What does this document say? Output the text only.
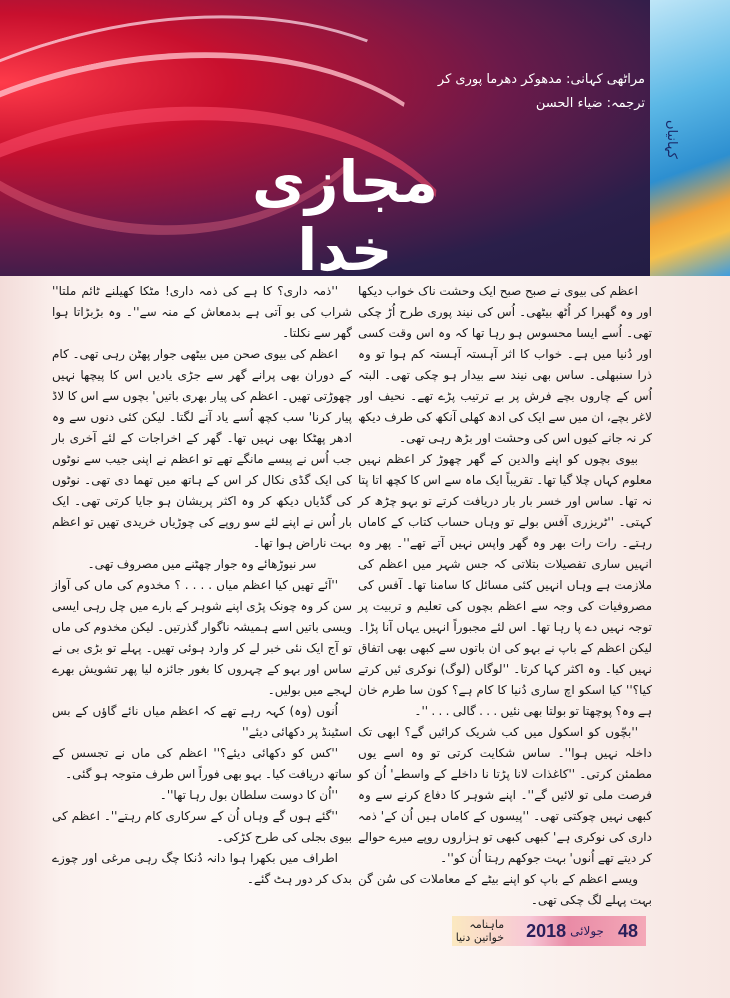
کہانیاں
مراٹھی کہانی: مدھوکر دھرما پوری کر
ترجمہ: ضیاء الحسن
مجازی خدا

اعظم کی بیوی نے صبح صبح ایک وحشت ناک خواب دیکھا اور وہ گھبرا کر اُٹھ بیٹھی۔ اُس کی نیند پوری طرح اُڑ چکی تھی۔ اُسے ایسا محسوس ہو رہا تھا کہ وہ اس وقت کسی اور دُنیا میں ہے۔ خواب کا اثر آہستہ آہستہ کم ہوا تو وہ ذرا سنبھلی۔ ساس بھی نیند سے بیدار ہو چکی تھی۔ البتہ اُس کے چاروں بچے فرش پر بے ترتیب پڑے تھے۔ نحیف اور لاغر بچے، ان میں سے ایک کی ادھ کھلی آنکھ کی طرف دیکھ کر نہ جانے کیوں اس کی وحشت اور بڑھ رہی تھی۔

بیوی بچوں کو اپنے والدین کے گھر چھوڑ کر اعظم نہیں معلوم کہاں چلا گیا تھا۔ تقریباً ایک ماہ سے اس کا کچھ اتا پتا نہ تھا۔ ساس اور خسر بار بار دریافت کرتے تو بہو چڑھ کر کہتی۔ ''ٹریزری آفس بولے تو وہاں حساب کتاب کے کاماں رہتے۔ رات رات بھر وہ گھر واپس نہیں آتے تھے''۔ پھر وہ انہیں ساری تفصیلات بتلاتی کہ جس شہر میں اعظم کی ملازمت ہے وہاں انہیں کئی مسائل کا سامنا تھا۔ آفس کی مصروفیات کی وجہ سے اعظم بچوں کی تعلیم و تربیت پر توجہ نہیں دے پا رہا تھا۔ اس لئے مجبوراً انہیں یہاں آنا پڑا۔ لیکن اعظم کے باپ نے بہو کی ان باتوں سے کبھی بھی اتفاق نہیں کیا۔ وہ اکثر کہا کرتا۔ ''لوگاں (لوگ) نوکری ئیں کرتے کیا؟'' کیا اسکو اچ ساری دُنیا کا کام ہے؟ کون سا طرم خان ہے وہ؟ پوچھتا تو بولتا بھی نئیں . . . گالی . . . ''۔

''بچّوں کو اسکول میں کب شریک کرائیں گے؟ ابھی تک داخلہ نہیں ہوا''۔ ساس شکایت کرتی تو وہ اسے یوں مطمئن کرتی۔ ''کاغذات لانا پڑتا نا داخلے کے واسطے' اُن کو فرصت ملی تو لائیں گے''۔ اپنے شوہر کا دفاع کرنے سے وہ کبھی نہیں چوکتی تھی۔ ''پیسوں کے کاماں ہیں اُن کے' ذمہ داری کی نوکری ہے' کبھی کبھی تو ہزاروں روپے میرے حوالے کر دیتے تھے اُنوں' بہت جوکھم رہتا اُن کو''۔

ویسے اعظم کے باپ کو اپنے بیٹے کے معاملات کی سُن گن بہت پہلے لگ چکی تھی۔

''ذمہ داری؟ کا ہے کی ذمہ داری! مٹکا کھیلنے ٹائم ملتا'' شراب کی بو آتی ہے بدمعاش کے منہ سے''۔ وہ بڑبڑاتا ہوا گھر سے نکلتا۔

اعظم کی بیوی صحن میں بیٹھی جوار پھٹن رہی تھی۔ کام کے دوران بھی پرانے گھر سے جڑی یادیں اس کا پیچھا نہیں چھوڑتی تھیں۔ اعظم کی پیار بھری باتیں' بچوں سے اس کا لاڈ پیار کرنا' سب کچھ اُسے یاد آنے لگتا۔ لیکن کئی دنوں سے وہ ادھر پھٹکا بھی نہیں تھا۔ گھر کے اخراجات کے لئے آخری بار جب اُس نے پیسے مانگے تھے تو اعظم نے اپنی جیب سے نوٹوں کی ایک گڈی نکال کر اس کے ہاتھ میں تھما دی تھی۔ نوٹوں کی گڈیاں دیکھ کر وہ اکثر پریشان ہو جایا کرتی تھی۔ ایک بار اُس نے اپنے لئے سو روپے کی چوڑیاں خریدی تھیں تو اعظم بہت ناراض ہوا تھا۔

سر نیوڑھائے وہ جوار چھٹنے میں مصروف تھی۔

''آئے تھیں کیا اعظم میاں . . . . ؟ مخدوم کی ماں کی آواز سن کر وہ چونک پڑی اپنے شوہر کے بارے میں چل رہی ایسی ویسی باتیں اسے ہمیشہ ناگوار گذرتیں۔ لیکن مخدوم کی ماں تو آج ایک نئی خبر لے کر وارد ہوئی تھیں۔ پہلے تو بڑی بی نے ساس اور بہو کے چہروں کا بغور جائزہ لیا پھر تشویش بھرے لہجے میں بولیں۔

اُنوں (وہ) کہہ رہے تھے کہ اعظم میاں نائے گاؤں کے بس اسٹینڈ پر دکھائی دیئے''

''کس کو دکھائی دیئے؟'' اعظم کی ماں نے تجسس کے ساتھ دریافت کیا۔ بہو بھی فوراً اس طرف متوجہ ہو گئی۔

''اُن کا دوست سلطان بول رہا تھا''۔

''گئے ہوں گے وہاں اُن کے سرکاری کام رہتے''۔ اعظم کی بیوی بجلی کی طرح کڑکی۔

اطراف میں بکھرا ہوا دانہ دُنکا چگ رہی مرغی اور چوزے بدک کر دور ہٹ گئے۔

48
جولائی
2018
ماہنامہ خواتین دنیا
